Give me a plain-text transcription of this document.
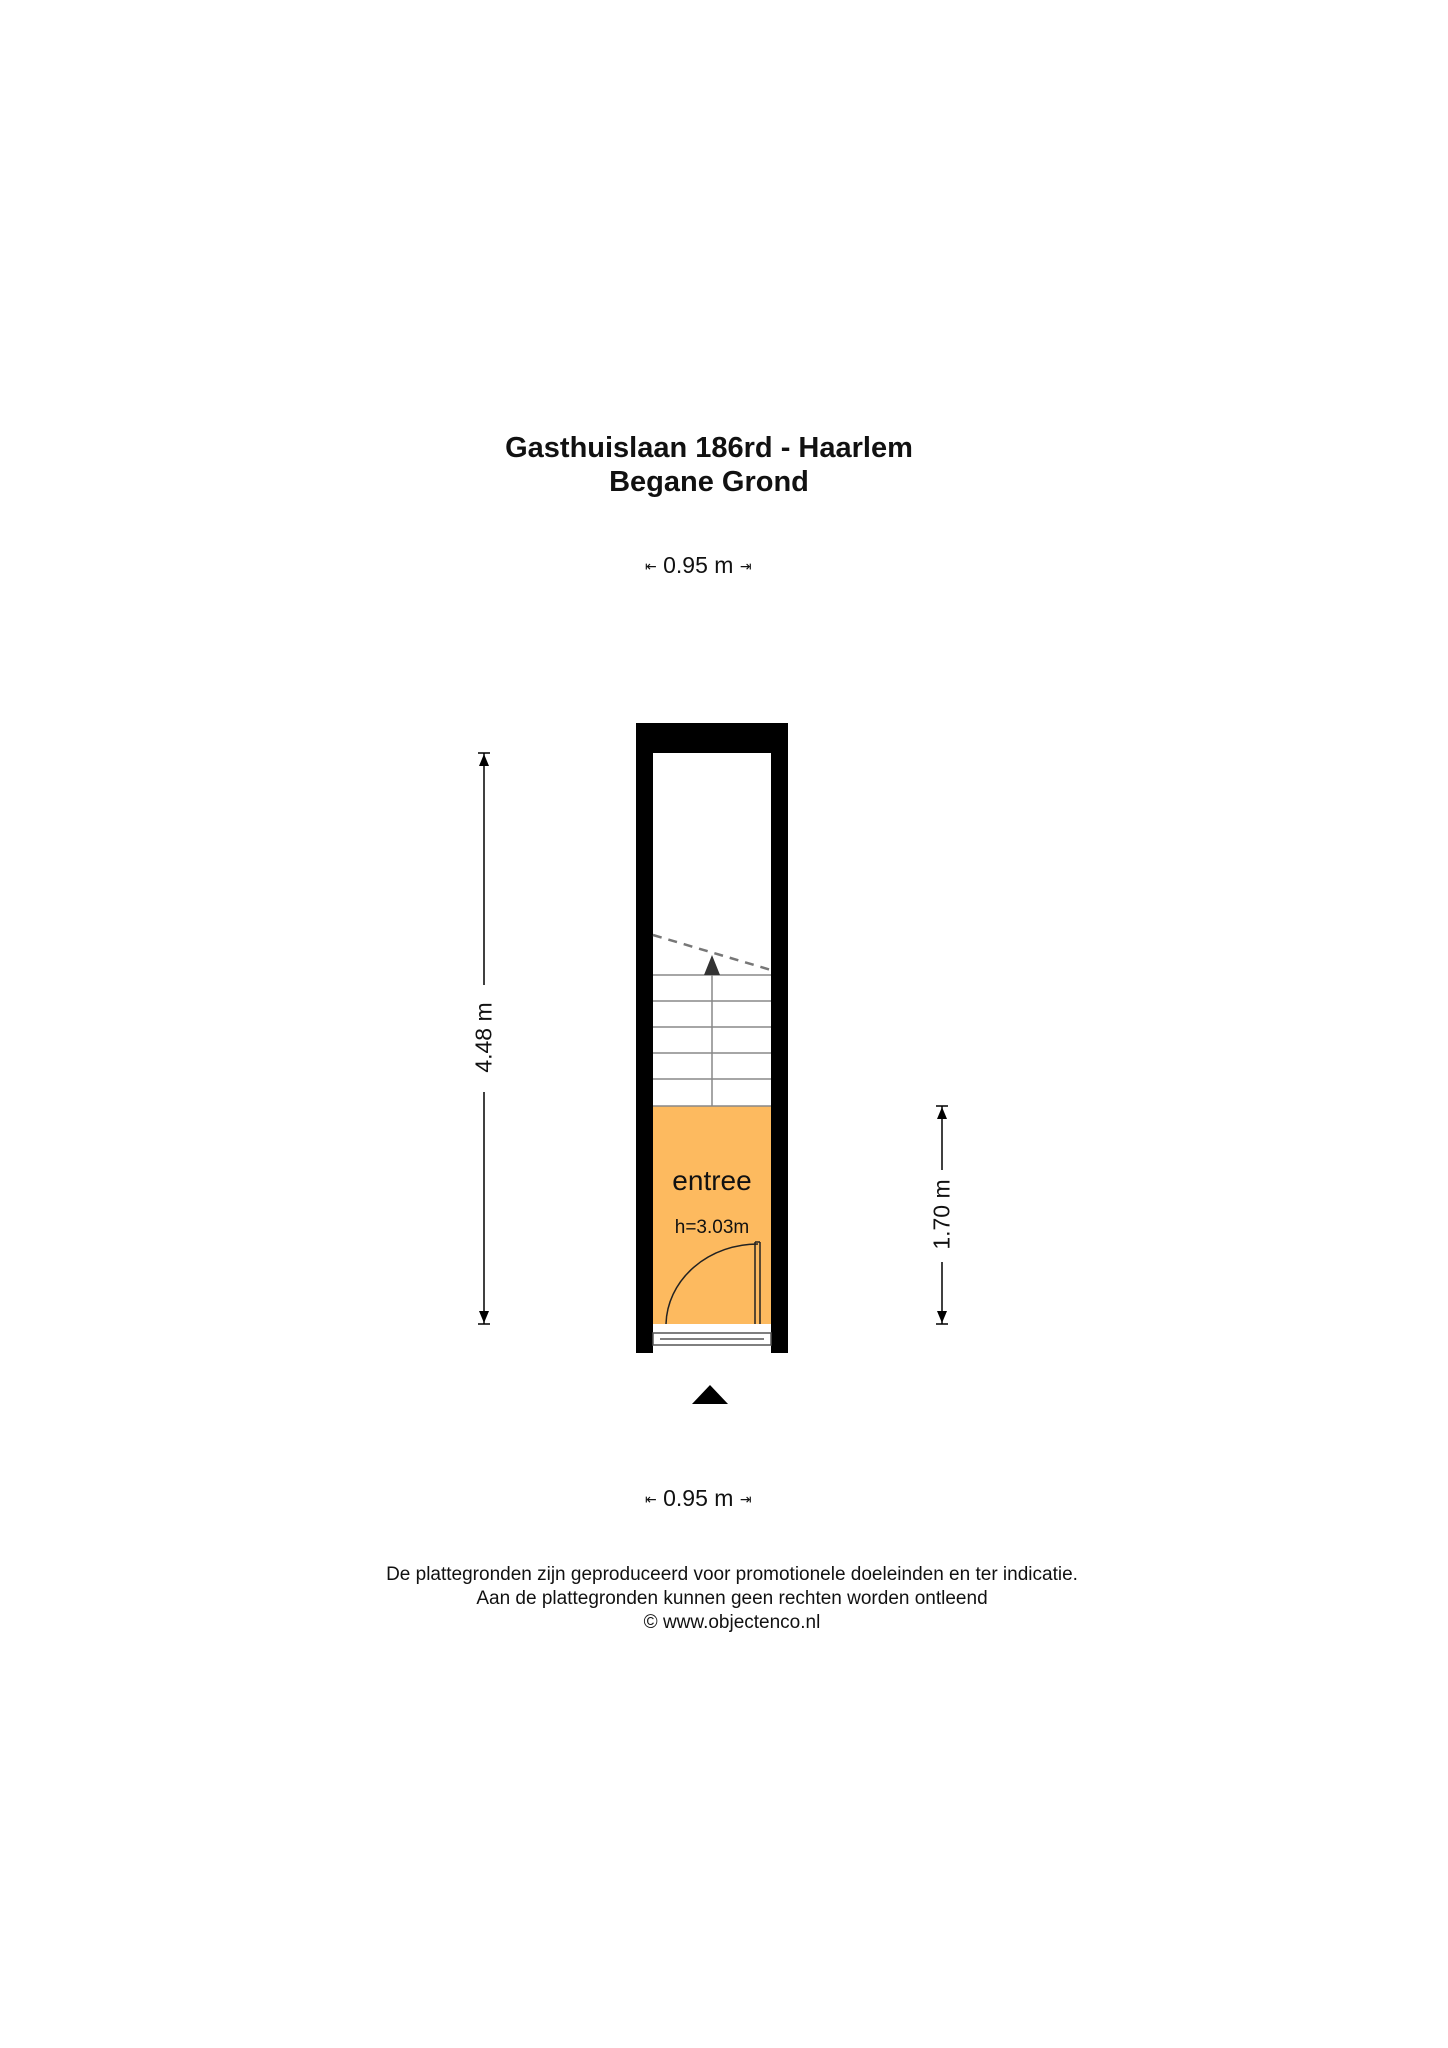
Gasthuislaan 186rd - Haarlem
Begane Grond
⇤ 0.95 m ⇥
⇤ 0.95 m ⇥
entree
h=3.03m
4.48 m
1.70 m
De plattegronden zijn geproduceerd voor promotionele doeleinden en ter indicatie.
Aan de plattegronden kunnen geen rechten worden ontleend
© www.objectenco.nl
